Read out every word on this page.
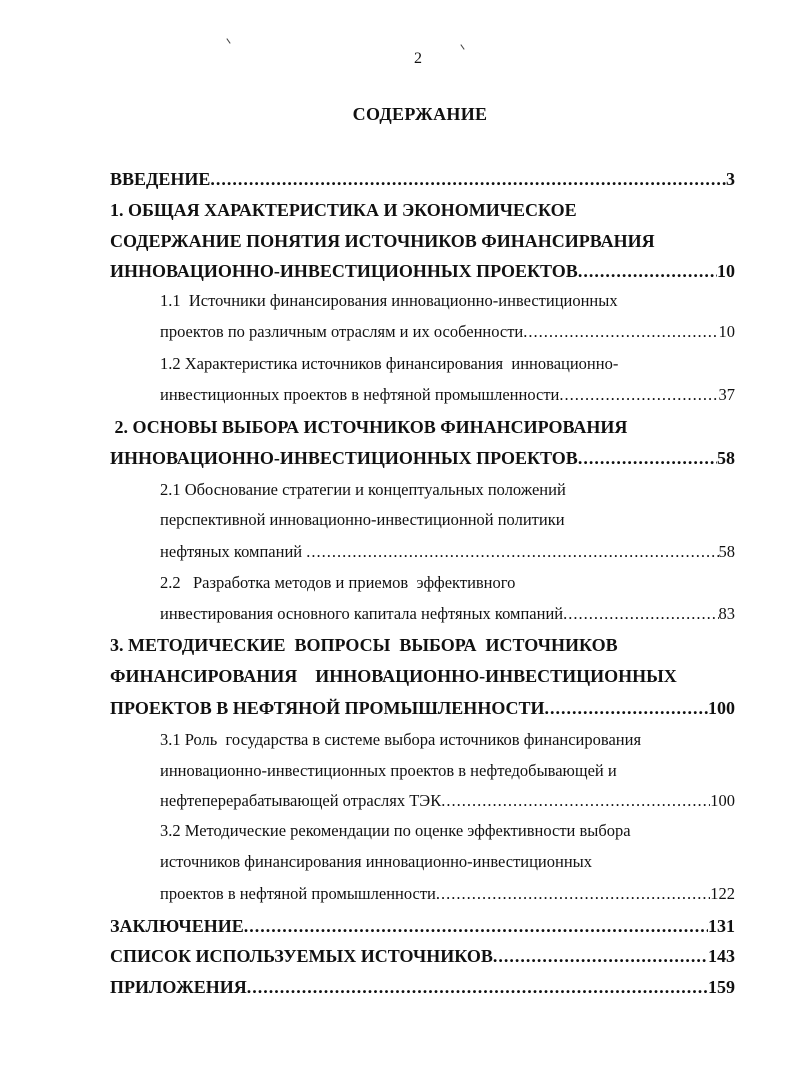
2
СОДЕРЖАНИЕ
ВВЕДЕНИЕ .....	3
1. ОБЩАЯ ХАРАКТЕРИСТИКА И ЭКОНОМИЧЕСКОЕ
СОДЕРЖАНИЕ ПОНЯТИЯ ИСТОЧНИКОВ ФИНАНСИРВАНИЯ
ИННОВАЦИОННО-ИНВЕСТИЦИОННЫХ ПРОЕКТОВ .....	10
1.1  Источники финансирования инновационно-инвестиционных
проектов по различным отраслям и их особенности .....	10
1.2 Характеристика источников финансирования  инновационно-
инвестиционных проектов в нефтяной промышленности .....	37
2. ОСНОВЫ ВЫБОРА ИСТОЧНИКОВ ФИНАНСИРОВАНИЯ
ИННОВАЦИОННО-ИНВЕСТИЦИОННЫХ ПРОЕКТОВ .....	58
2.1 Обоснование стратегии и концептуальных положений
перспективной инновационно-инвестиционной политики
нефтяных компаний .....	58
2.2   Разработка методов и приемов  эффективного
инвестирования основного капитала нефтяных компаний .....	83
3. МЕТОДИЧЕСКИЕ  ВОПРОСЫ  ВЫБОРА  ИСТОЧНИКОВ
ФИНАНСИРОВАНИЯ    ИННОВАЦИОННО-ИНВЕСТИЦИОННЫХ
ПРОЕКТОВ В НЕФТЯНОЙ ПРОМЫШЛЕННОСТИ .....	100
3.1 Роль  государства в системе выбора источников финансирования
инновационно-инвестиционных проектов в нефтедобывающей и
нефтеперерабатывающей отраслях ТЭК .....	100
3.2 Методические рекомендации по оценке эффективности выбора
источников финансирования инновационно-инвестиционных
проектов в нефтяной промышленности .....	122
ЗАКЛЮЧЕНИЕ .....	131
СПИСОК ИСПОЛЬЗУЕМЫХ ИСТОЧНИКОВ .....	143
ПРИЛОЖЕНИЯ .....	159
